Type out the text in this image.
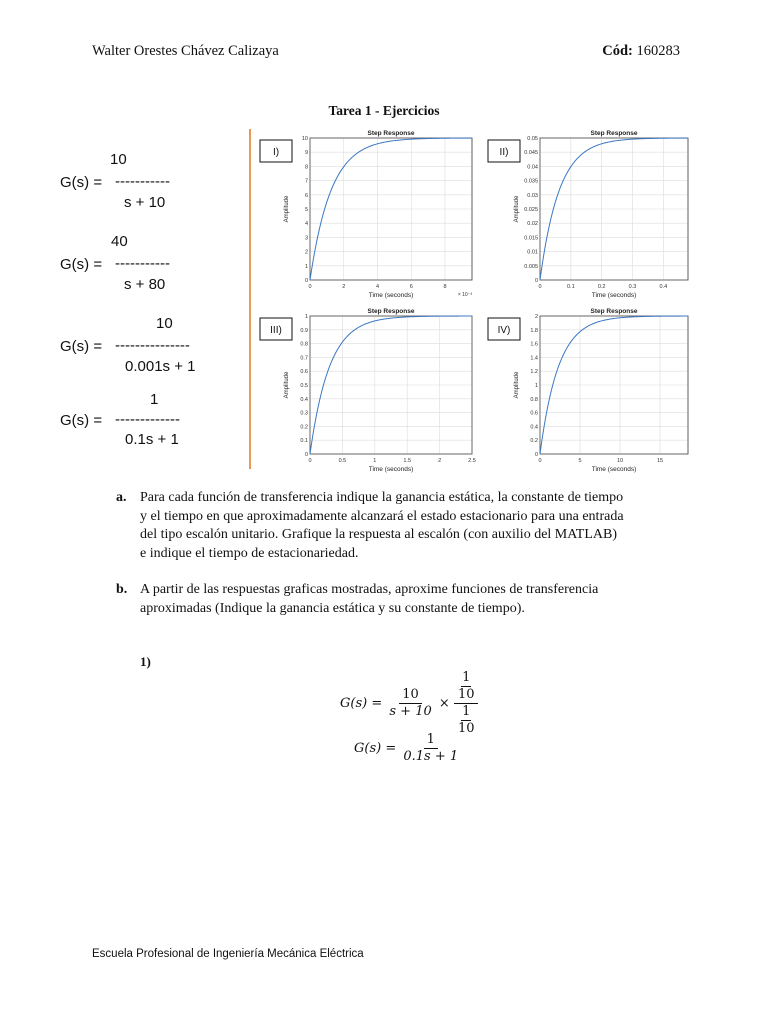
Walter Orestes Chávez Calizaya	Cód: 160283
Tarea 1 - Ejercicios
10
G(s) = -----------
s + 10
40
G(s) = -----------
s + 80
10
G(s) = ---------------
0.001s + 1
1
G(s) = -------------
0.1s + 1
0	2	4	6	8
0
1
2
3
4
5
6
7
8
9
10
Step Response
Time (seconds)
Amplitude
× 10⁻³
I)
0	0.1	0.2	0.3	0.4
0
0.005
0.01
0.015
0.02
0.025
0.03
0.035
0.04
0.045
0.05
Step Response
Time (seconds)
Amplitude
II)
0	0.5	1	1.5	2	2.5
0
0.1
0.2
0.3
0.4
0.5
0.6
0.7
0.8
0.9
1
Step Response
Time (seconds)
Amplitude
III)
0	5	10	15
0
0.2
0.4
0.6
0.8
1
1.2
1.4
1.6
1.8
2
Step Response
Time (seconds)
Amplitude
IV)
a. Para cada función de transferencia indique la ganancia estática, la constante de tiempo
y el tiempo en que aproximadamente alcanzará el estado estacionario para una entrada
del tipo escalón unitario. Grafique la respuesta al escalón (con auxilio del MATLAB)
e indique el tiempo de estacionariedad.
b. A partir de las respuestas graficas mostradas, aproxime funciones de transferencia
aproximadas (Indique la ganancia estática y su constante de tiempo).
1)
$G(s) = \frac{10}{s + 10} \times \frac{\frac{1}{10}}{\frac{1}{10}}$
$G(s) = \frac{1}{0.1s + 1}$
Escuela Profesional de Ingeniería Mecánica Eléctrica
